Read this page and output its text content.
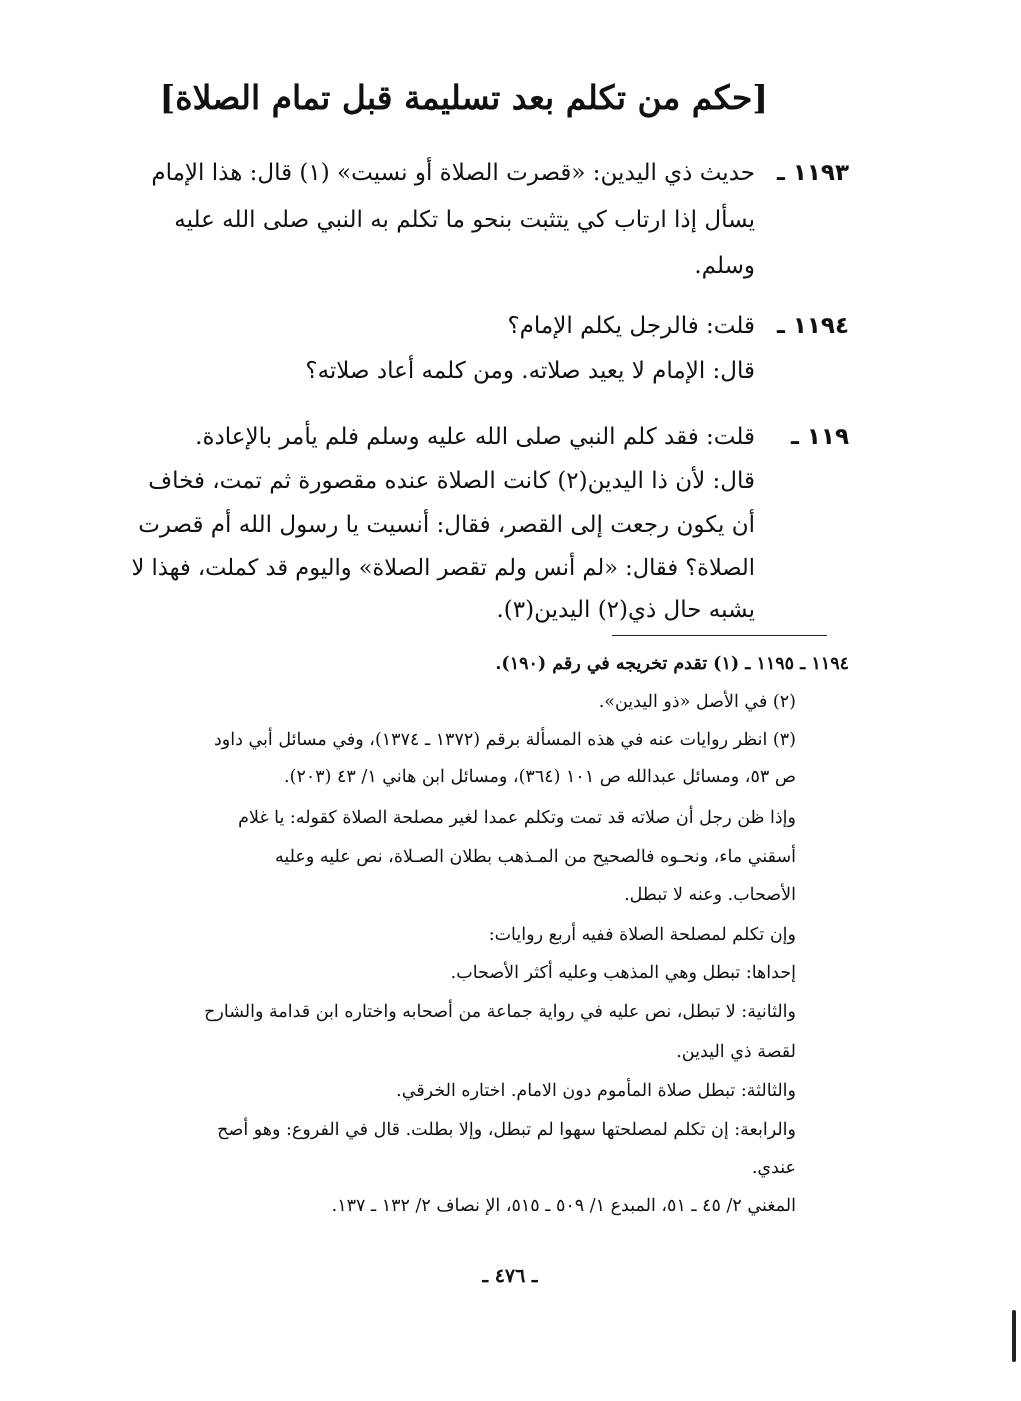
[حكم من تكلم بعد تسليمة قبل تمام الصلاة]
١١٩٣ ـ
حديث ذي اليدين: «قصرت الصلاة أو نسيت» (١) قال: هذا الإمام
يسأل إذا ارتاب كي يتثبت بنحو ما تكلم به النبي صلى الله عليه
وسلم.
١١٩٤ ـ
قلت: فالرجل يكلم الإمام؟
قال: الإمام لا يعيد صلاته. ومن كلمه أعاد صلاته؟
١١٩ ـ
قلت: فقد كلم النبي صلى الله عليه وسلم فلم يأمر بالإعادة.
قال: لأن ذا اليدين(٢) كانت الصلاة عنده مقصورة ثم تمت، فخاف
أن يكون رجعت إلى القصر، فقال: أنسيت يا رسول الله أم قصرت
الصلاة؟ فقال: «لم أنس ولم تقصر الصلاة» واليوم قد كملت، فهذا لا
يشبه حال ذي(٢) اليدين(٣).
١١٩٤ ـ ١١٩٥ ـ (١) تقدم تخريجه في رقم (١٩٠).
(٢) في الأصل «ذو اليدين».
(٣) انظر روايات عنه في هذه المسألة برقم (١٣٧٢ ـ ١٣٧٤)، وفي مسائل أبي داود
ص ٥٣، ومسائل عبدالله ص ١٠١ (٣٦٤)، ومسائل ابن هاني ١/ ٤٣ (٢٠٣).
وإذا ظن رجل أن صلاته قد تمت وتكلم عمدا لغير مصلحة الصلاة كقوله: يا غلام
أسقني ماء، ونحـوه فالصحيح من المـذهب بطلان الصـلاة، نص عليه وعليه
الأصحاب. وعنه لا تبطل.
وإن تكلم لمصلحة الصلاة ففيه أربع روايات:
إحداها: تبطل وهي المذهب وعليه أكثر الأصحاب.
والثانية: لا تبطل، نص عليه في رواية جماعة من أصحابه واختاره ابن قدامة والشارح
لقصة ذي اليدين.
والثالثة: تبطل صلاة المأموم دون الامام. اختاره الخرقي.
والرابعة: إن تكلم لمصلحتها سهوا لم تبطل، وإلا بطلت. قال في الفروع: وهو أصح
عندي.
المغني ٢/ ٤٥ ـ ٥١، المبدع ١/ ٥٠٩ ـ ٥١٥، الإ نصاف ٢/ ١٣٢ ـ ١٣٧.
ـ ٤٧٦ ـ
